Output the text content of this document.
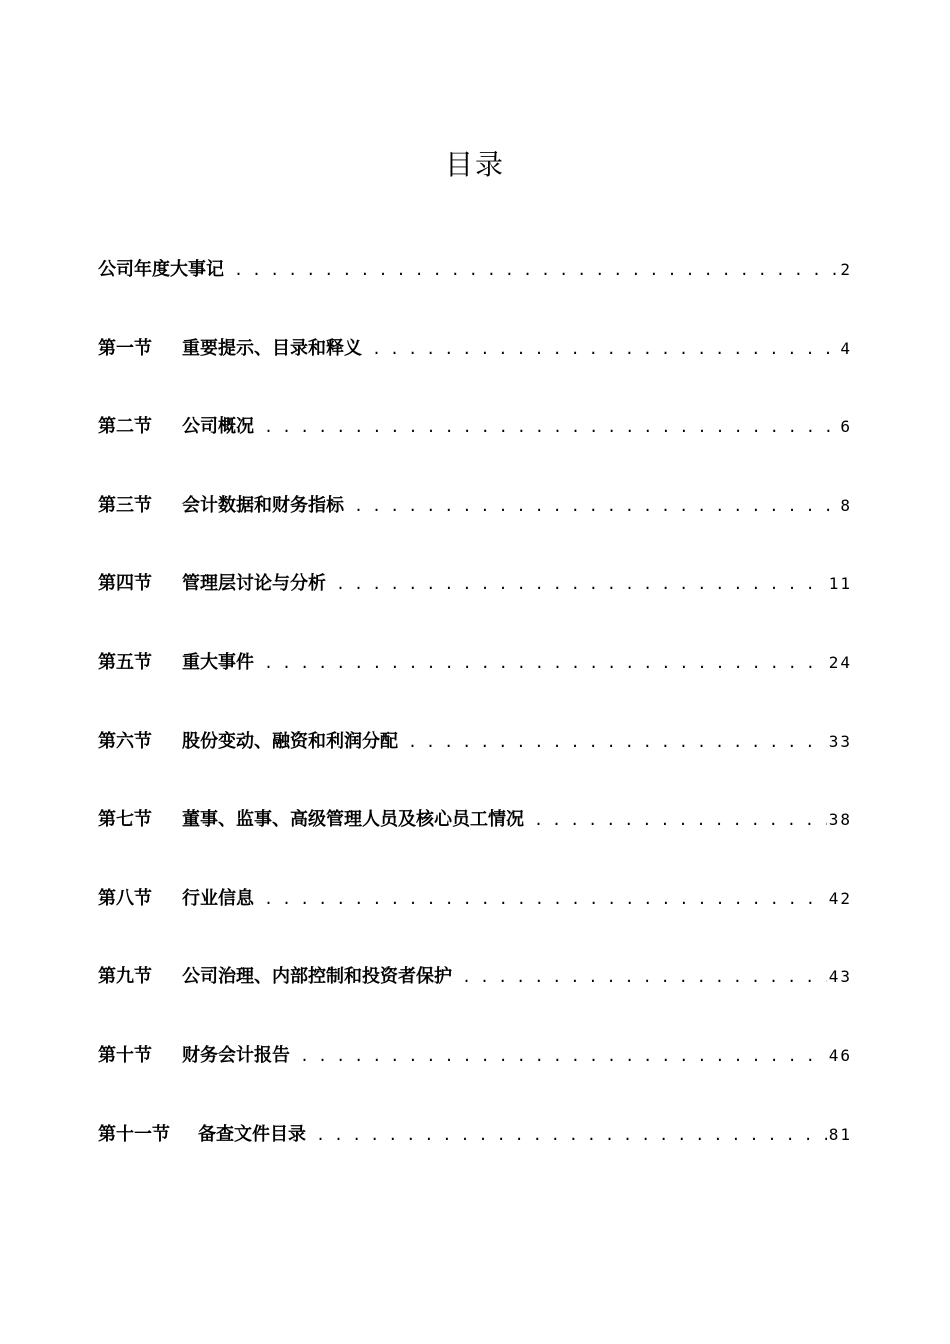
目录
公司年度大事记 . . .	2
第一节	重要提示、目录和释义 . . .	4
第二节	公司概况 . . .	6
第三节	会计数据和财务指标 . . .	8
第四节	管理层讨论与分析 . . .	11
第五节	重大事件 . . .	24
第六节	股份变动、融资和利润分配 . . .	33
第七节	董事、监事、高级管理人员及核心员工情况 . . .	38
第八节	行业信息 . . .	42
第九节	公司治理、内部控制和投资者保护 . . .	43
第十节	财务会计报告 . . .	46
第十一节	备查文件目录 . . .	81
